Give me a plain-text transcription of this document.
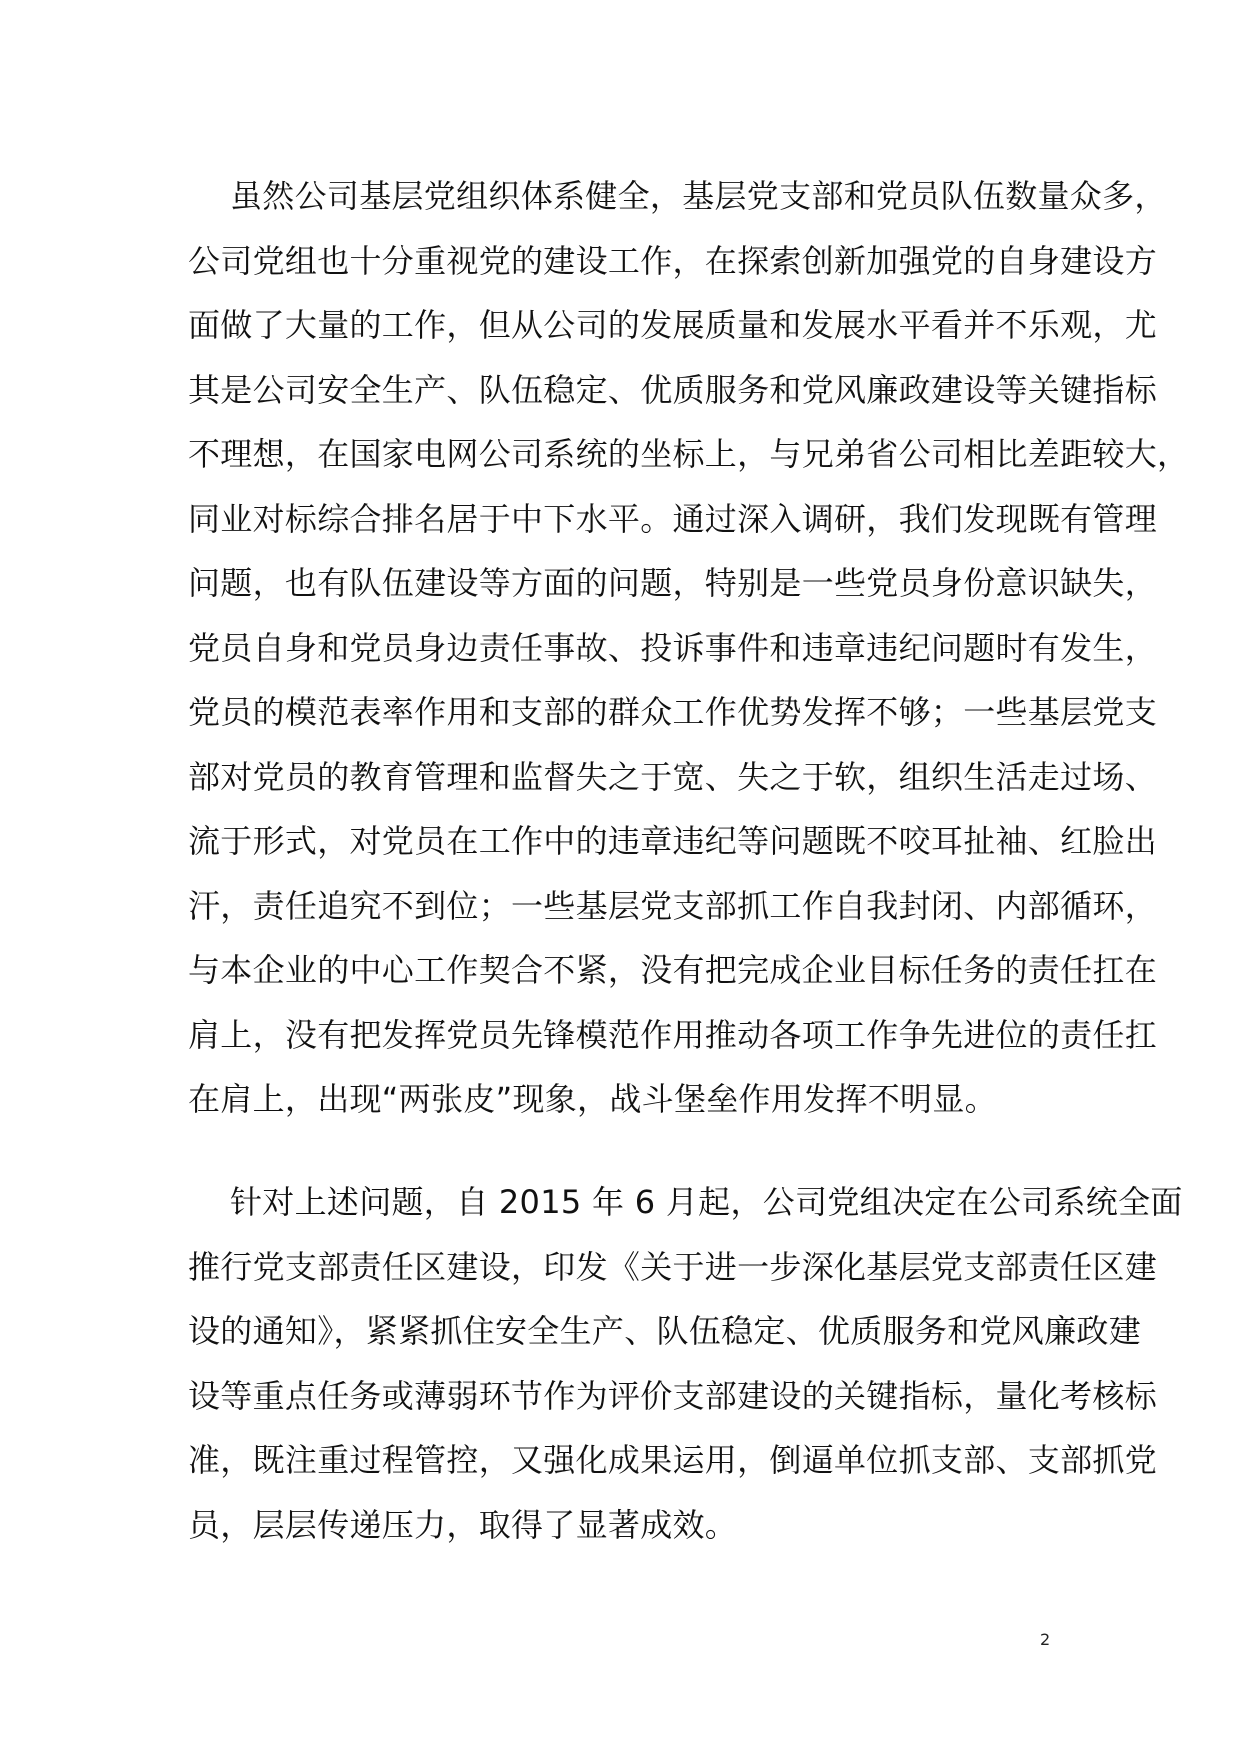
虽然公司基层党组织体系健全，基层党支部和党员队伍数量众多，
公司党组也十分重视党的建设工作，在探索创新加强党的自身建设方
面做了大量的工作，但从公司的发展质量和发展水平看并不乐观，尤
其是公司安全生产、队伍稳定、优质服务和党风廉政建设等关键指标
不理想，在国家电网公司系统的坐标上，与兄弟省公司相比差距较大，
同业对标综合排名居于中下水平。通过深入调研，我们发现既有管理
问题，也有队伍建设等方面的问题，特别是一些党员身份意识缺失，
党员自身和党员身边责任事故、投诉事件和违章违纪问题时有发生，
党员的模范表率作用和支部的群众工作优势发挥不够；一些基层党支
部对党员的教育管理和监督失之于宽、失之于软，组织生活走过场、
流于形式，对党员在工作中的违章违纪等问题既不咬耳扯袖、红脸出
汗，责任追究不到位；一些基层党支部抓工作自我封闭、内部循环，
与本企业的中心工作契合不紧，没有把完成企业目标任务的责任扛在
肩上，没有把发挥党员先锋模范作用推动各项工作争先进位的责任扛
在肩上，出现“两张皮”现象，战斗堡垒作用发挥不明显。
针对上述问题，自 2015 年 6 月起，公司党组决定在公司系统全面
推行党支部责任区建设，印发《关于进一步深化基层党支部责任区建
设的通知》，紧紧抓住安全生产、队伍稳定、优质服务和党风廉政建
设等重点任务或薄弱环节作为评价支部建设的关键指标，量化考核标
准，既注重过程管控，又强化成果运用，倒逼单位抓支部、支部抓党
员，层层传递压力，取得了显著成效。
2
